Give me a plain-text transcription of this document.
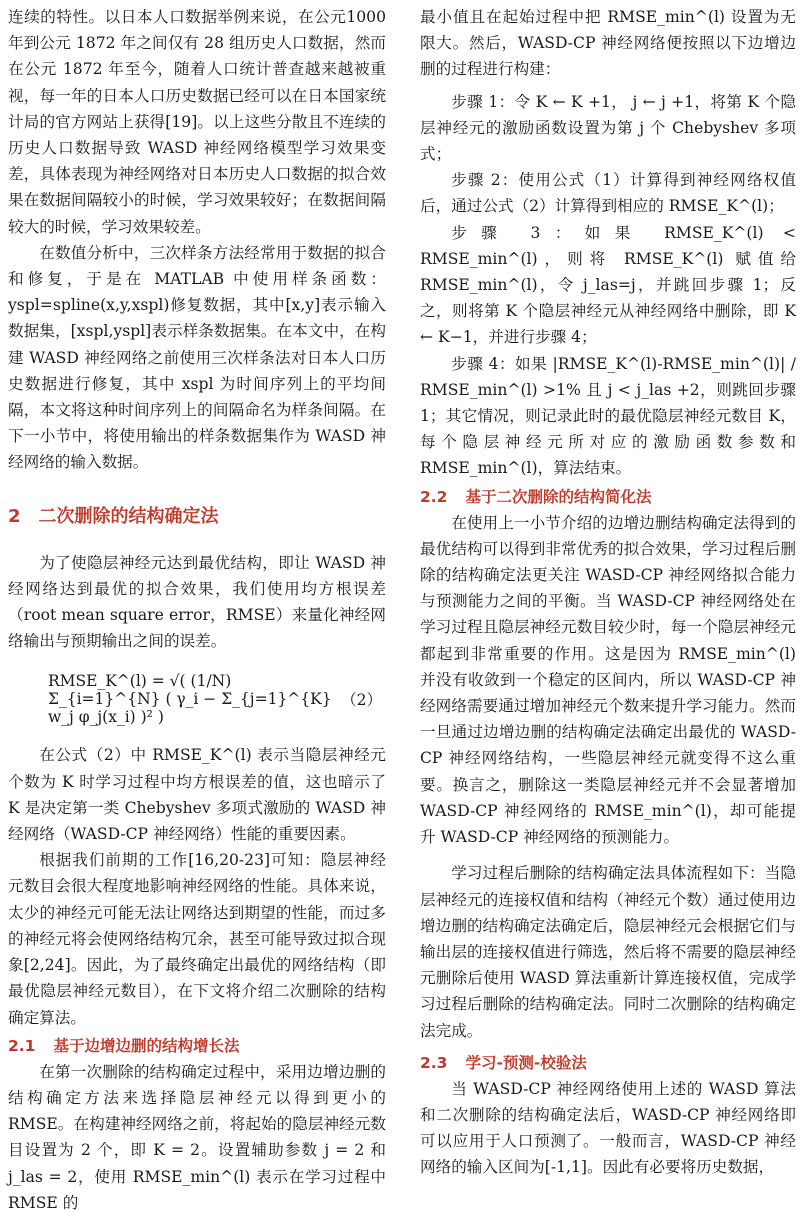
连续的特性。以日本人口数据举例来说，在公元1000年到公元 1872 年之间仅有 28 组历史人口数据，然而在公元 1872 年至今，随着人口统计普查越来越被重视，每一年的日本人口历史数据已经可以在日本国家统计局的官方网站上获得[19]。以上这些分散且不连续的历史人口数据导致 WASD 神经网络模型学习效果变差，具体表现为神经网络对日本历史人口数据的拟合效果在数据间隔较小的时候，学习效果较好；在数据间隔较大的时候，学习效果较差。

在数值分析中，三次样条方法经常用于数据的拟合和修复，于是在 MATLAB 中使用样条函数：yspl=spline(x,y,xspl)修复数据，其中[x,y]表示输入数据集，[xspl,yspl]表示样条数据集。在本文中，在构建 WASD 神经网络之前使用三次样条法对日本人口历史数据进行修复，其中 xspl 为时间序列上的平均间隔，本文将这种时间序列上的间隔命名为样条间隔。在下一小节中，将使用输出的样条数据集作为 WASD 神经网络的输入数据。

2 二次删除的结构确定法

为了使隐层神经元达到最优结构，即让 WASD 神经网络达到最优的拟合效果，我们使用均方根误差（root mean square error，RMSE）来量化神经网络输出与预期输出之间的误差。

RMSE_K^(l) = √( (1/N) Σ_{i=1}^{N} ( γ_i − Σ_{j=1}^{K} w_j φ_j(x_i) )² )
（2）

在公式（2）中 RMSE_K^(l) 表示当隐层神经元个数为 K 时学习过程中均方根误差的值，这也暗示了 K 是决定第一类 Chebyshev 多项式激励的 WASD 神经网络（WASD-CP 神经网络）性能的重要因素。

根据我们前期的工作[16,20-23]可知：隐层神经元数目会很大程度地影响神经网络的性能。具体来说，太少的神经元可能无法让网络达到期望的性能，而过多的神经元将会使网络结构冗余，甚至可能导致过拟合现象[2,24]。因此，为了最终确定出最优的网络结构（即最优隐层神经元数目），在下文将介绍二次删除的结构确定算法。

2.1 基于边增边删的结构增长法

在第一次删除的结构确定过程中，采用边增边删的结构确定方法来选择隐层神经元以得到更小的 RMSE。在构建神经网络之前，将起始的隐层神经元数目设置为 2 个，即 K = 2。设置辅助参数 j = 2 和 j_las = 2，使用 RMSE_min^(l) 表示在学习过程中 RMSE 的

最小值且在起始过程中把 RMSE_min^(l) 设置为无限大。然后，WASD-CP 神经网络便按照以下边增边删的过程进行构建：

步骤 1：令 K ← K +1， j ← j +1，将第 K 个隐层神经元的激励函数设置为第 j 个 Chebyshev 多项式；

步骤 2：使用公式（1）计算得到神经网络权值后，通过公式（2）计算得到相应的 RMSE_K^(l)；

步骤 3：如果 RMSE_K^(l) < RMSE_min^(l)，则将 RMSE_K^(l) 赋值给 RMSE_min^(l)，令 j_las=j，并跳回步骤 1；反之，则将第 K 个隐层神经元从神经网络中删除，即 K ← K−1，并进行步骤 4；

步骤 4：如果 |RMSE_K^(l)-RMSE_min^(l)| / RMSE_min^(l) >1% 且 j < j_las +2，则跳回步骤 1；其它情况，则记录此时的最优隐层神经元数目 K，每个隐层神经元所对应的激励函数参数和 RMSE_min^(l)，算法结束。

2.2 基于二次删除的结构简化法

在使用上一小节介绍的边增边删结构确定法得到的最优结构可以得到非常优秀的拟合效果，学习过程后删除的结构确定法更关注 WASD-CP 神经网络拟合能力与预测能力之间的平衡。当 WASD-CP 神经网络处在学习过程且隐层神经元数目较少时，每一个隐层神经元都起到非常重要的作用。这是因为 RMSE_min^(l) 并没有收敛到一个稳定的区间内，所以 WASD-CP 神经网络需要通过增加神经元个数来提升学习能力。然而一旦通过边增边删的结构确定法确定出最优的 WASD-CP 神经网络结构，一些隐层神经元就变得不这么重要。换言之，删除这一类隐层神经元并不会显著增加 WASD-CP 神经网络的 RMSE_min^(l)，却可能提升 WASD-CP 神经网络的预测能力。

学习过程后删除的结构确定法具体流程如下：当隐层神经元的连接权值和结构（神经元个数）通过使用边增边删的结构确定法确定后，隐层神经元会根据它们与输出层的连接权值进行筛选，然后将不需要的隐层神经元删除后使用 WASD 算法重新计算连接权值，完成学习过程后删除的结构确定法。同时二次删除的结构确定法完成。

2.3 学习-预测-校验法

当 WASD-CP 神经网络使用上述的 WASD 算法和二次删除的结构确定法后，WASD-CP 神经网络即可以应用于人口预测了。一般而言，WASD-CP 神经网络的输入区间为[-1,1]。因此有必要将历史数据，
